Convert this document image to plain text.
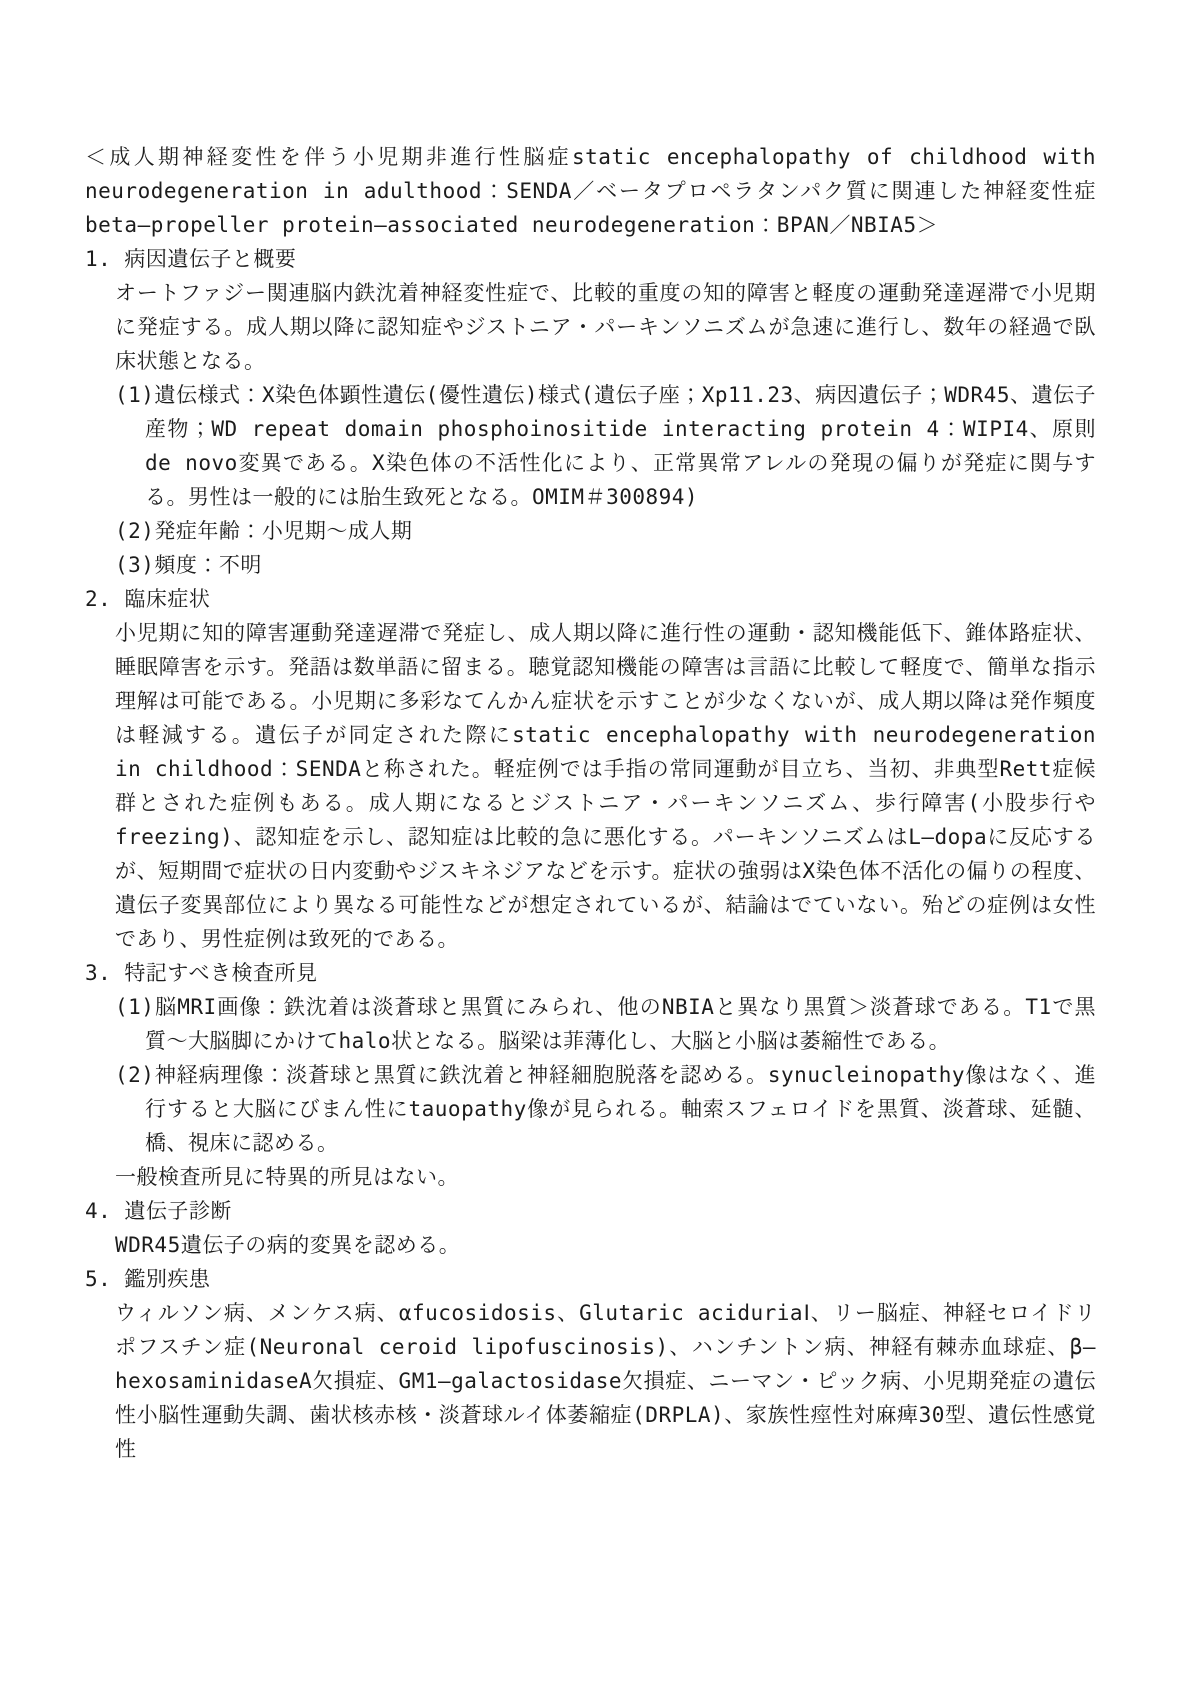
＜成人期神経変性を伴う小児期非進行性脳症static encephalopathy of childhood with neurodegeneration in adulthood：SENDA／ベータプロペラタンパク質に関連した神経変性症beta—propeller protein—associated neurodegeneration：BPAN／NBIA5＞

1. 病因遺伝子と概要

オートファジー関連脳内鉄沈着神経変性症で、比較的重度の知的障害と軽度の運動発達遅滞で小児期に発症する。成人期以降に認知症やジストニア・パーキンソニズムが急速に進行し、数年の経過で臥床状態となる。

(1)遺伝様式：X染色体顕性遺伝(優性遺伝)様式(遺伝子座；Xp11.23、病因遺伝子；WDR45、遺伝子産物；WD repeat domain phosphoinositide interacting protein 4：WIPI4、原則de novo変異である。X染色体の不活性化により、正常異常アレルの発現の偏りが発症に関与する。男性は一般的には胎生致死となる。OMIM＃300894)

(2)発症年齢：小児期〜成人期

(3)頻度：不明

2. 臨床症状

小児期に知的障害運動発達遅滞で発症し、成人期以降に進行性の運動・認知機能低下、錐体路症状、睡眠障害を示す。発語は数単語に留まる。聴覚認知機能の障害は言語に比較して軽度で、簡単な指示理解は可能である。小児期に多彩なてんかん症状を示すことが少なくないが、成人期以降は発作頻度は軽減する。遺伝子が同定された際にstatic encephalopathy with neurodegeneration in childhood：SENDAと称された。軽症例では手指の常同運動が目立ち、当初、非典型Rett症候群とされた症例もある。成人期になるとジストニア・パーキンソニズム、歩行障害(小股歩行やfreezing)、認知症を示し、認知症は比較的急に悪化する。パーキンソニズムはL—dopaに反応するが、短期間で症状の日内変動やジスキネジアなどを示す。症状の強弱はX染色体不活化の偏りの程度、遺伝子変異部位により異なる可能性などが想定されているが、結論はでていない。殆どの症例は女性であり、男性症例は致死的である。

3. 特記すべき検査所見

(1)脳MRI画像：鉄沈着は淡蒼球と黒質にみられ、他のNBIAと異なり黒質＞淡蒼球である。T1で黒質〜大脳脚にかけてhalo状となる。脳梁は菲薄化し、大脳と小脳は萎縮性である。

(2)神経病理像：淡蒼球と黒質に鉄沈着と神経細胞脱落を認める。synucleinopathy像はなく、進行すると大脳にびまん性にtauopathy像が見られる。軸索スフェロイドを黒質、淡蒼球、延髄、橋、視床に認める。

一般検査所見に特異的所見はない。

4. 遺伝子診断

WDR45遺伝子の病的変異を認める。

5. 鑑別疾患

ウィルソン病、メンケス病、αfucosidosis、Glutaric aciduriaⅠ、リー脳症、神経セロイドリポフスチン症(Neuronal ceroid lipofuscinosis)、ハンチントン病、神経有棘赤血球症、β—hexosaminidaseA欠損症、GM1—galactosidase欠損症、ニーマン・ピック病、小児期発症の遺伝性小脳性運動失調、歯状核赤核・淡蒼球ルイ体萎縮症(DRPLA)、家族性痙性対麻痺30型、遺伝性感覚性
